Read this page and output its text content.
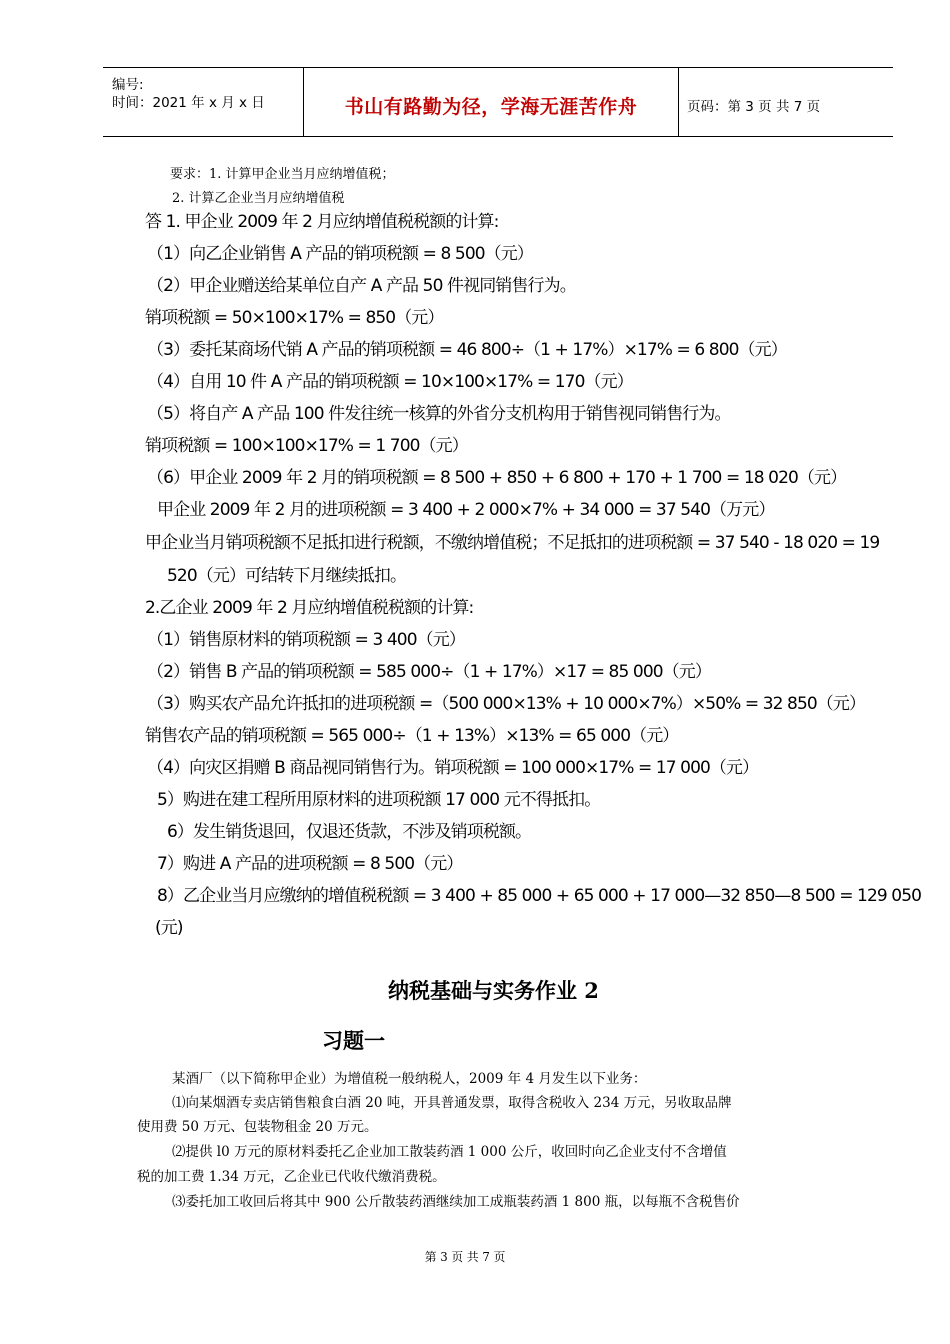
编号:
时间：2021 年 x 月 x 日	书山有路勤为径，学海无涯苦作舟	页码：第 3 页 共 7 页
要求：1. 计算甲企业当月应纳增值税；
2. 计算乙企业当月应纳增值税
答 1. 甲企业 2009 年 2 月应纳增值税税额的计算:
（1）向乙企业销售 A 产品的销项税额 = 8 500（元）
（2）甲企业赠送给某单位自产 A 产品 50 件视同销售行为。
销项税额 = 50×100×17% = 850（元）
（3）委托某商场代销 A 产品的销项税额 = 46 800÷（1 + 17%）×17% = 6 800（元）
（4）自用 10 件 A 产品的销项税额 = 10×100×17% = 170（元）
（5）将自产 A 产品 100 件发往统一核算的外省分支机构用于销售视同销售行为。
销项税额 = 100×100×17% = 1 700（元）
（6）甲企业 2009 年 2 月的销项税额 = 8 500 + 850 + 6 800 + 170 + 1 700 = 18 020（元）
甲企业 2009 年 2 月的进项税额 = 3 400 + 2 000×7% + 34 000 = 37 540（万元）
甲企业当月销项税额不足抵扣进行税额，不缴纳增值税；不足抵扣的进项税额 = 37 540 - 18 020 = 19
520（元）可结转下月继续抵扣。
2.乙企业 2009 年 2 月应纳增值税税额的计算:
（1）销售原材料的销项税额 = 3 400（元）
（2）销售 B 产品的销项税额 = 585 000÷（1 + 17%）×17 = 85 000（元）
（3）购买农产品允许抵扣的进项税额 =（500 000×13% + 10 000×7%）×50% = 32 850（元）
销售农产品的销项税额 = 565 000÷（1 + 13%）×13% = 65 000（元）
（4）向灾区捐赠 B 商品视同销售行为。销项税额 = 100 000×17% = 17 000（元）
5）购进在建工程所用原材料的进项税额 17 000 元不得抵扣。
6）发生销货退回，仅退还货款，不涉及销项税额。
7）购进 A 产品的进项税额 = 8 500（元）
8）乙企业当月应缴纳的增值税税额 = 3 400 + 85 000 + 65 000 + 17 000—32 850—8 500 = 129 050
(元)
纳税基础与实务作业 2
习题一
某酒厂（以下简称甲企业）为增值税一般纳税人，2009 年 4 月发生以下业务：
⑴向某烟酒专卖店销售粮食白酒 20 吨，开具普通发票，取得含税收入 234 万元，另收取品牌
使用费 50 万元、包装物租金 20 万元。
⑵提供 l0 万元的原材料委托乙企业加工散装药酒 1 000 公斤，收回时向乙企业支付不含增值
税的加工费 1.34 万元，乙企业已代收代缴消费税。
⑶委托加工收回后将其中 900 公斤散装药酒继续加工成瓶装药酒 1 800 瓶，以每瓶不含税售价
第 3 页 共 7 页
